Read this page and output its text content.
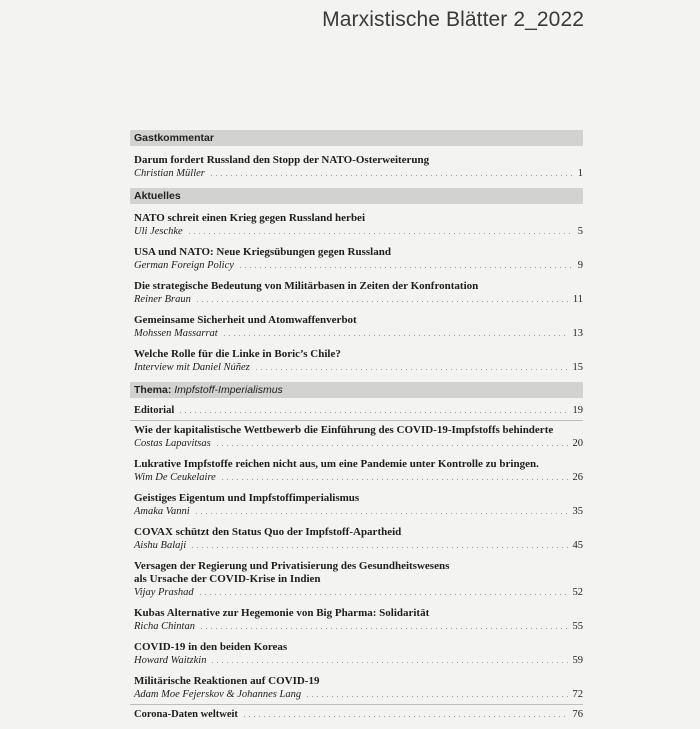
Marxistische Blätter 2_2022
Gastkommentar
Darum fordert Russland den Stopp der NATO-Osterweiterung
Christian Müller	1
Aktuelles
NATO schreit einen Krieg gegen Russland herbei
Uli Jeschke	5
USA und NATO: Neue Kriegsübungen gegen Russland
German Foreign Policy	9
Die strategische Bedeutung von Militärbasen in Zeiten der Konfrontation
Reiner Braun	11
Gemeinsame Sicherheit und Atomwaffenverbot
Mohssen Massarrat	13
Welche Rolle für die Linke in Boric’s Chile?
Interview mit Daniel Núñez	15
Thema: Impfstoff-Imperialismus
Editorial	19
Wie der kapitalistische Wettbewerb die Einführung des COVID-19-Impfstoffs behinderte
Costas Lapavitsas	20
Lukrative Impfstoffe reichen nicht aus, um eine Pandemie unter Kontrolle zu bringen.
Wim De Ceukelaire	26
Geistiges Eigentum und Impfstoffimperialismus
Amaka Vanni	35
COVAX schützt den Status Quo der Impfstoff-Apartheid
Aishu Balaji	45
Versagen der Regierung und Privatisierung des Gesundheitswesens
als Ursache der COVID-Krise in Indien
Vijay Prashad	52
Kubas Alternative zur Hegemonie von Big Pharma: Solidarität
Richa Chintan	55
COVID-19 in den beiden Koreas
Howard Waitzkin	59
Militärische Reaktionen auf COVID-19
Adam Moe Fejerskov & Johannes Lang	72
Corona-Daten weltweit	76
